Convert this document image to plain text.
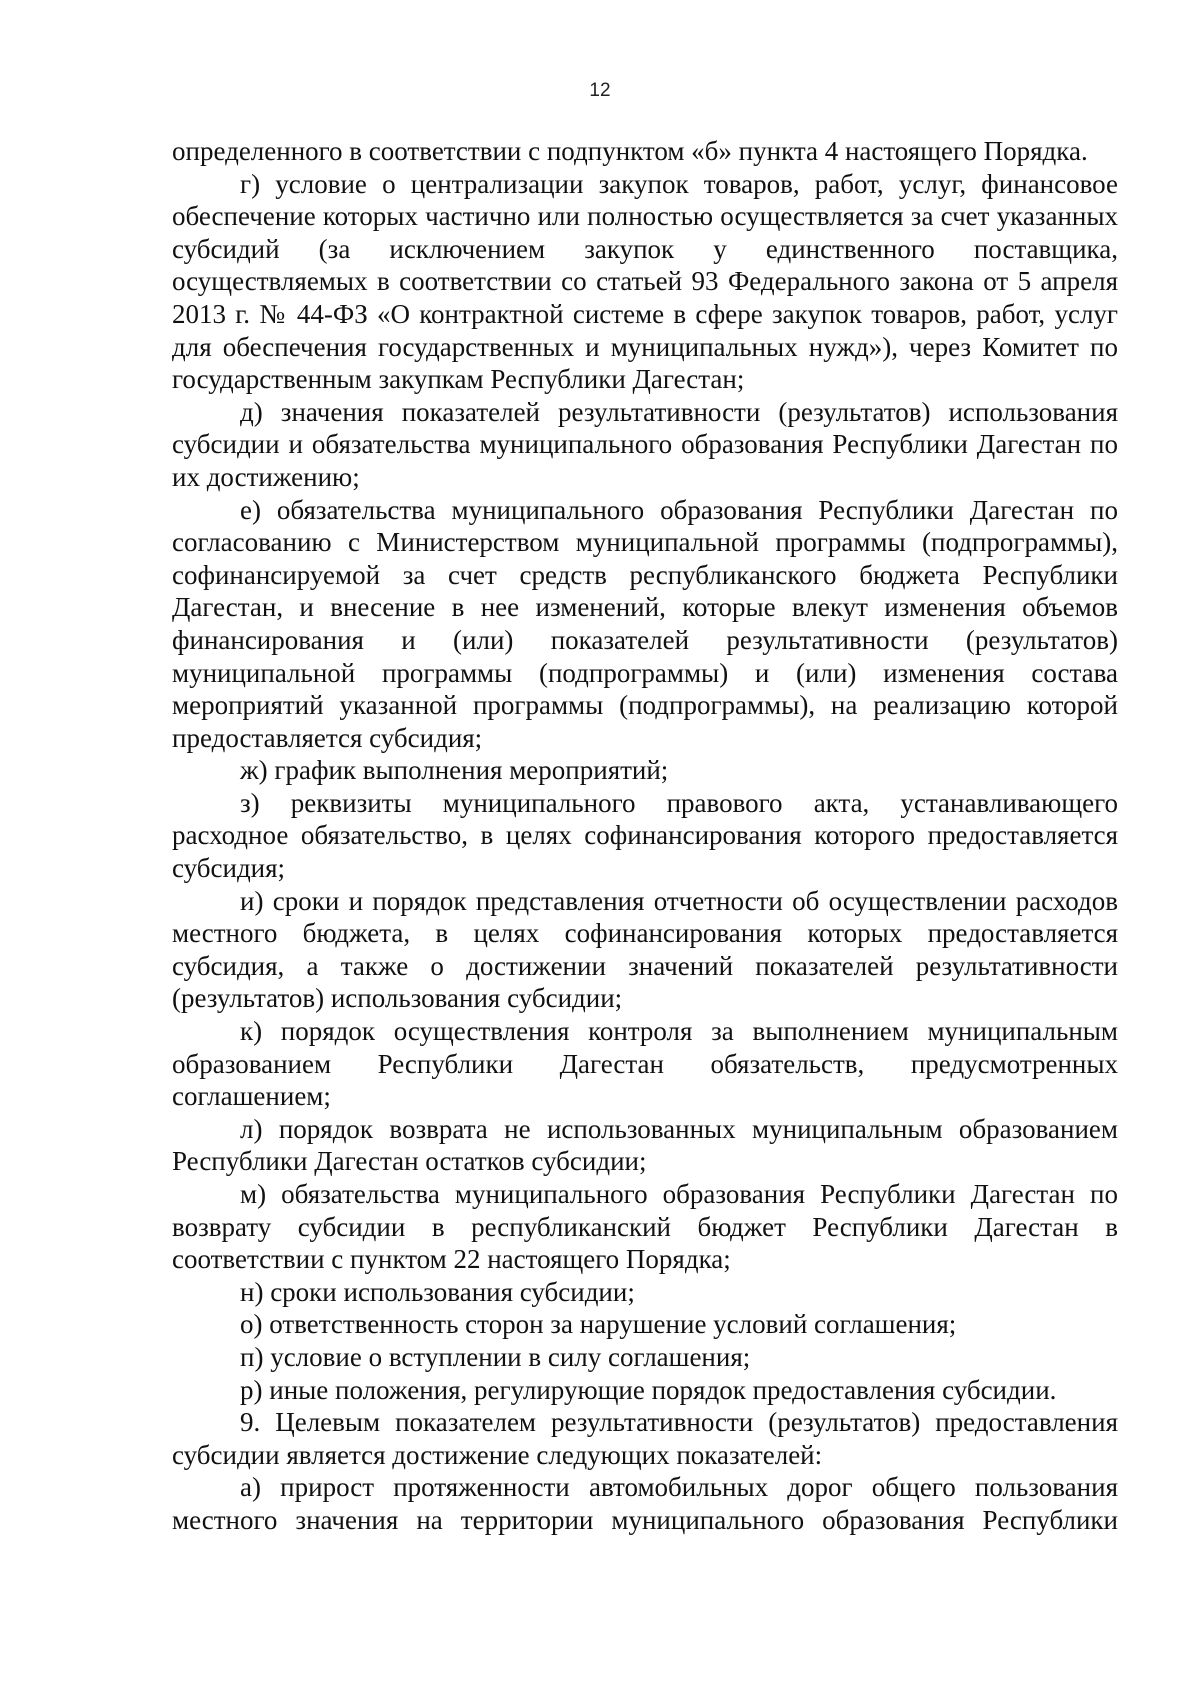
12

определенного в соответствии с подпунктом «б» пункта 4 настоящего Порядка.

г) условие о централизации закупок товаров, работ, услуг, финансовое обеспечение которых частично или полностью осуществляется за счет указанных субсидий (за исключением закупок у единственного поставщика, осуществляемых в соответствии со статьей 93 Федерального закона от 5 апреля 2013 г. № 44-ФЗ «О контрактной системе в сфере закупок товаров, работ, услуг для обеспечения государственных и муниципальных нужд»), через Комитет по государственным закупкам Республики Дагестан;

д) значения показателей результативности (результатов) использования субсидии и обязательства муниципального образования Республики Дагестан по их достижению;

е) обязательства муниципального образования Республики Дагестан по согласованию с Министерством муниципальной программы (подпрограммы), софинансируемой за счет средств республиканского бюджета Республики Дагестан, и внесение в нее изменений, которые влекут изменения объемов финансирования и (или) показателей результативности (результатов) муниципальной программы (подпрограммы) и (или) изменения состава мероприятий указанной программы (подпрограммы), на реализацию которой предоставляется субсидия;

ж) график выполнения мероприятий;

з) реквизиты муниципального правового акта, устанавливающего расходное обязательство, в целях софинансирования которого предоставляется субсидия;

и) сроки и порядок представления отчетности об осуществлении расходов местного бюджета, в целях софинансирования которых предоставляется субсидия, а также о достижении значений показателей результативности (результатов) использования субсидии;

к) порядок осуществления контроля за выполнением муниципальным образованием Республики Дагестан обязательств, предусмотренных соглашением;

л) порядок возврата не использованных муниципальным образованием Республики Дагестан остатков субсидии;

м) обязательства муниципального образования Республики Дагестан по возврату субсидии в республиканский бюджет Республики Дагестан в соответствии с пунктом 22 настоящего Порядка;

н) сроки использования субсидии;

о) ответственность сторон за нарушение условий соглашения;

п) условие о вступлении в силу соглашения;

р) иные положения, регулирующие порядок предоставления субсидии.

9. Целевым показателем результативности (результатов) предоставления субсидии является достижение следующих показателей:

а) прирост протяженности автомобильных дорог общего пользования местного значения на территории муниципального образования Республики
